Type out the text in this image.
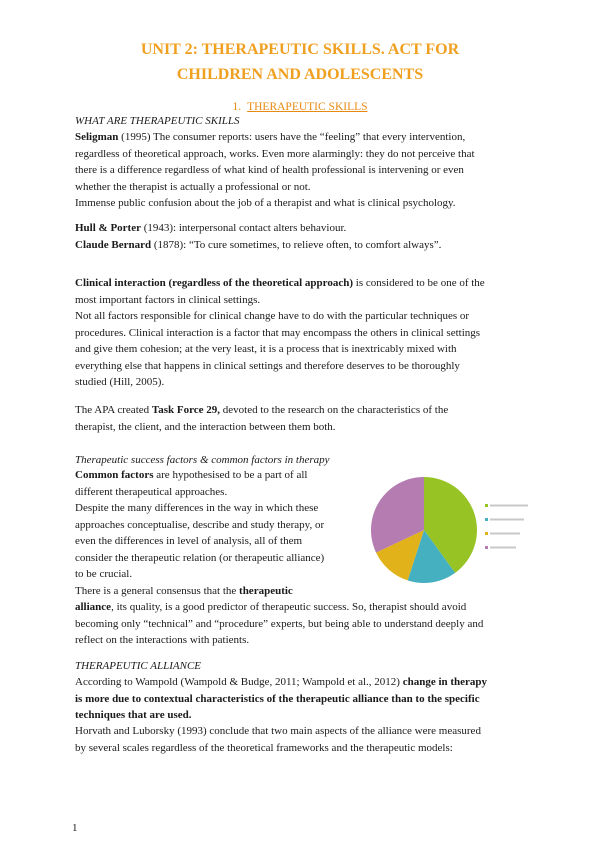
UNIT 2: THERAPEUTIC SKILLS. ACT FOR
CHILDREN AND ADOLESCENTS
1. THERAPEUTIC SKILLS
WHAT ARE THERAPEUTIC SKILLS
Seligman (1995) The consumer reports: users have the “feeling” that every intervention,
regardless of theoretical approach, works. Even more alarmingly: they do not perceive that
there is a difference regardless of what kind of health professional is intervening or even
whether the therapist is actually a professional or not.
Immense public confusion about the job of a therapist and what is clinical psychology.
Hull & Porter (1943): interpersonal contact alters behaviour.
Claude Bernard (1878): “To cure sometimes, to relieve often, to comfort always”.
Clinical interaction (regardless of the theoretical approach) is considered to be one of the
most important factors in clinical settings.
Not all factors responsible for clinical change have to do with the particular techniques or
procedures. Clinical interaction is a factor that may encompass the others in clinical settings
and give them cohesion; at the very least, it is a process that is inextricably mixed with
everything else that happens in clinical settings and therefore deserves to be thoroughly
studied (Hill, 2005).
The APA created Task Force 29, devoted to the research on the characteristics of the
therapist, the client, and the interaction between them both.
Therapeutic success factors & common factors in therapy
Common factors are hypothesised to be a part of all
different therapeutical approaches.
Despite the many differences in the way in which these
approaches conceptualise, describe and study therapy, or
even the differences in level of analysis, all of them
consider the therapeutic relation (or therapeutic alliance)
to be crucial.
There is a general consensus that the therapeutic
alliance, its quality, is a good predictor of therapeutic success. So, therapist should avoid
becoming only “technical” and “procedure” experts, but being able to understand deeply and
reflect on the interactions with patients.
THERAPEUTIC ALLIANCE
According to Wampold (Wampold & Budge, 2011; Wampold et al., 2012) change in therapy
is more due to contextual characteristics of the therapeutic alliance than to the specific
techniques that are used.
Horvath and Luborsky (1993) conclude that two main aspects of the alliance were measured
by several scales regardless of the theoretical frameworks and the therapeutic models:
1
